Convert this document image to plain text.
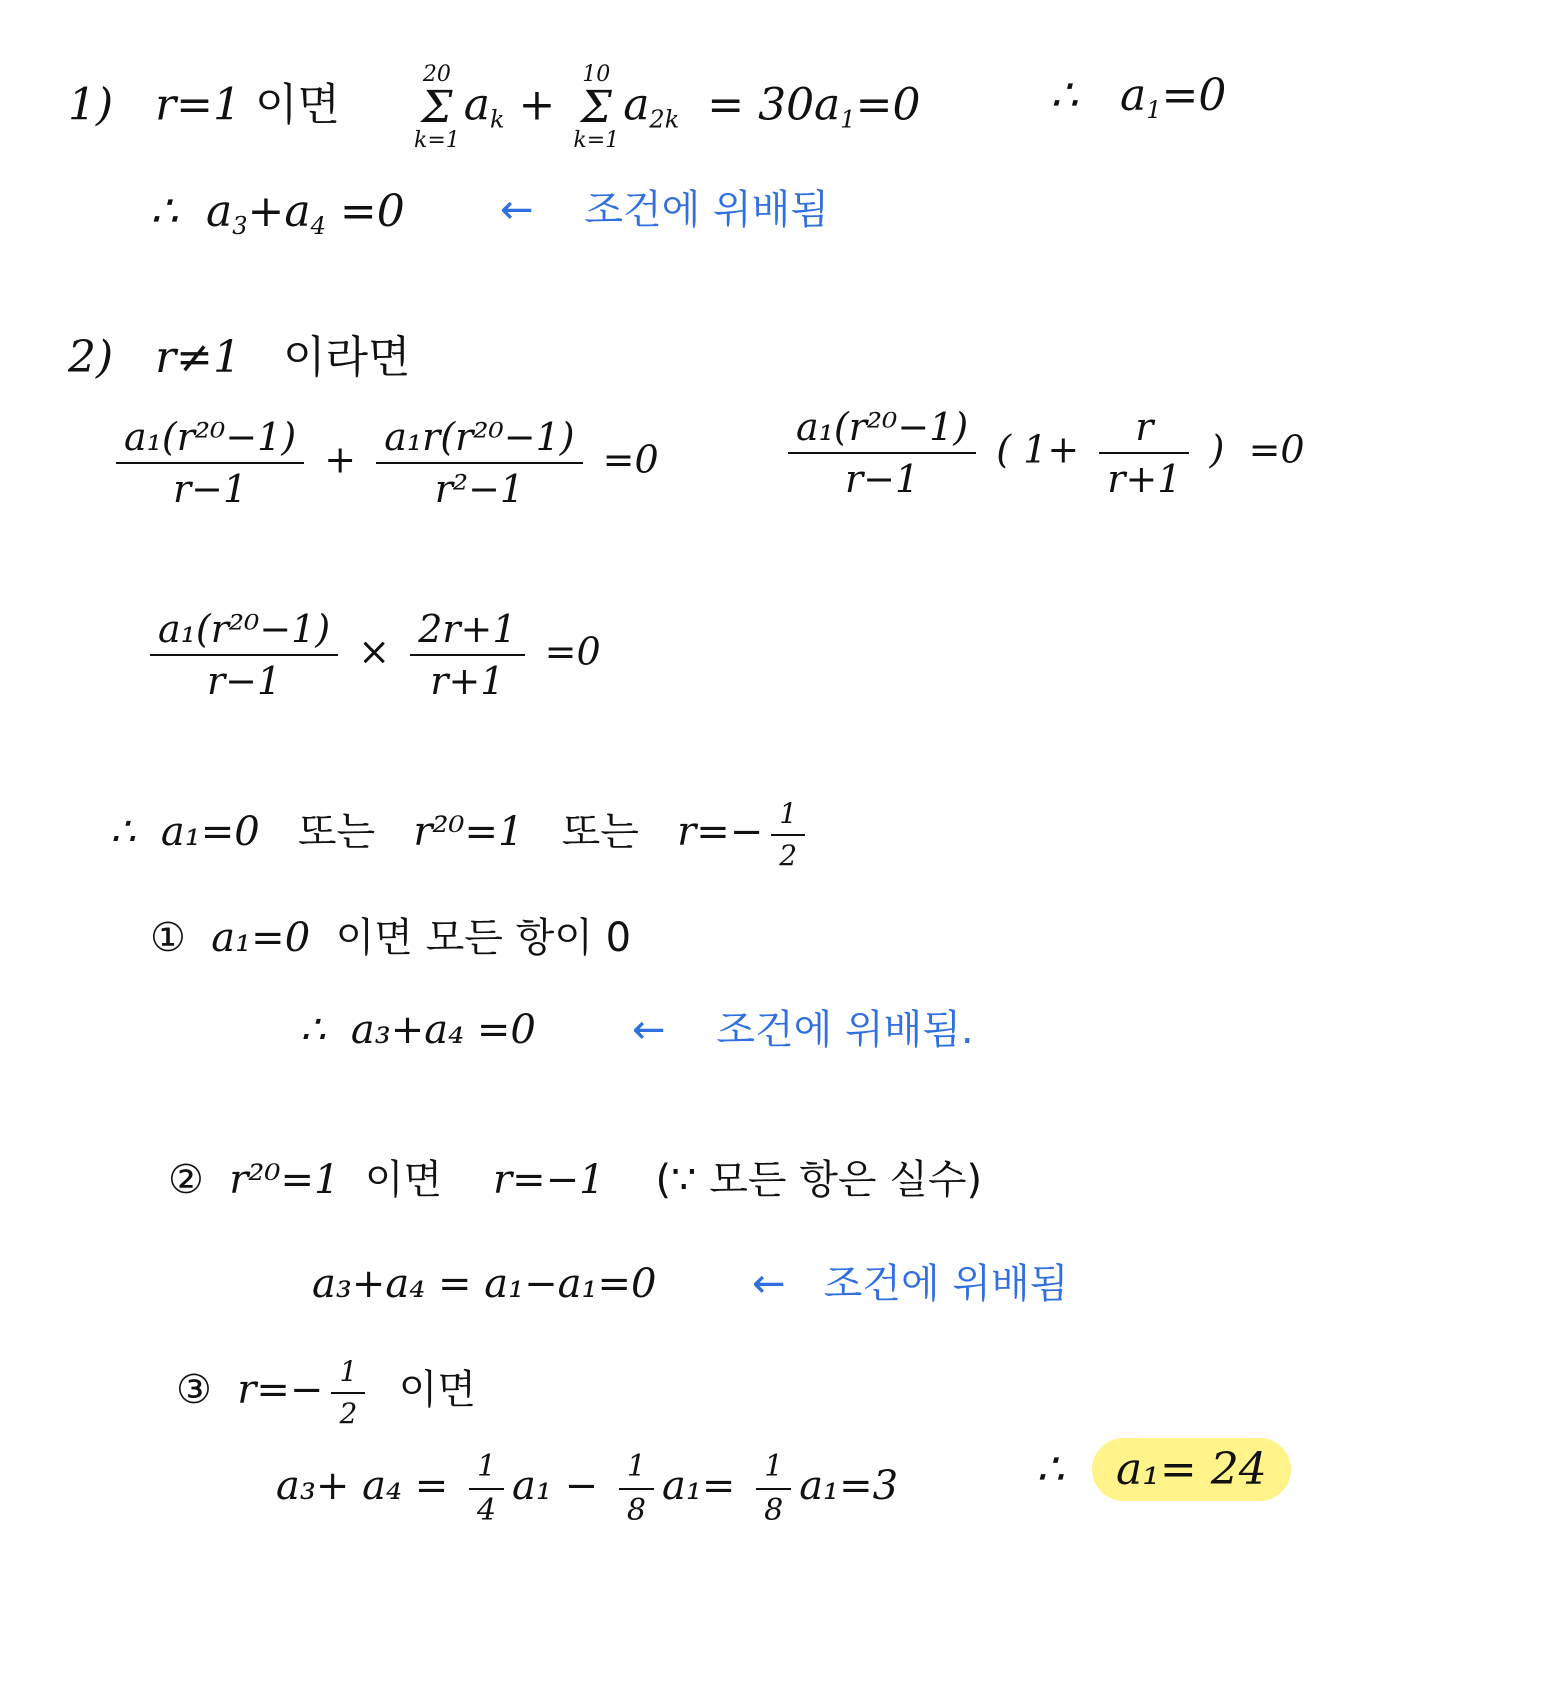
1) r=1 이면
20
Σ
k=1
$a_k$ +
10
Σ
k=1
$a_{2k} = 30a_1=0$	∴ $a_1=0$
∴ $a_3+a_4 =0$ ← 조건에 위배됨
2) r≠1 이라면
$\frac{\text{a₁(r²⁰−1)}}{r-1} + \frac{\text{a₁r(r²⁰−1)}}{\text{r²−1}} =0$	$\frac{\text{a₁(r²⁰−1)}}{r-1}$ ( $1+ \frac{r}{r+1}$ ) =0
$\frac{\text{a₁(r²⁰−1)}}{r-1} \times \frac{2r+1}{r+1} =0$
∴ a₁=0 또는 r²⁰=1 또는 $r=- \frac{1}{2}$
① a₁=0 이면 모든 항이 0
∴ a₃+a₄ =0 ← 조건에 위배됨.
② r²⁰=1 이면 r=−1 (∵ 모든 항은 실수)
a₃+a₄ = a₁−a₁=0 ← 조건에 위배됨
③ $r=- \frac{1}{2}$ 이면
$a_3+ a_4 = \frac{1}{4} a_1 - \frac{1}{8} a_1= \frac{1}{8} a_1=3$	∴ a₁= 24
